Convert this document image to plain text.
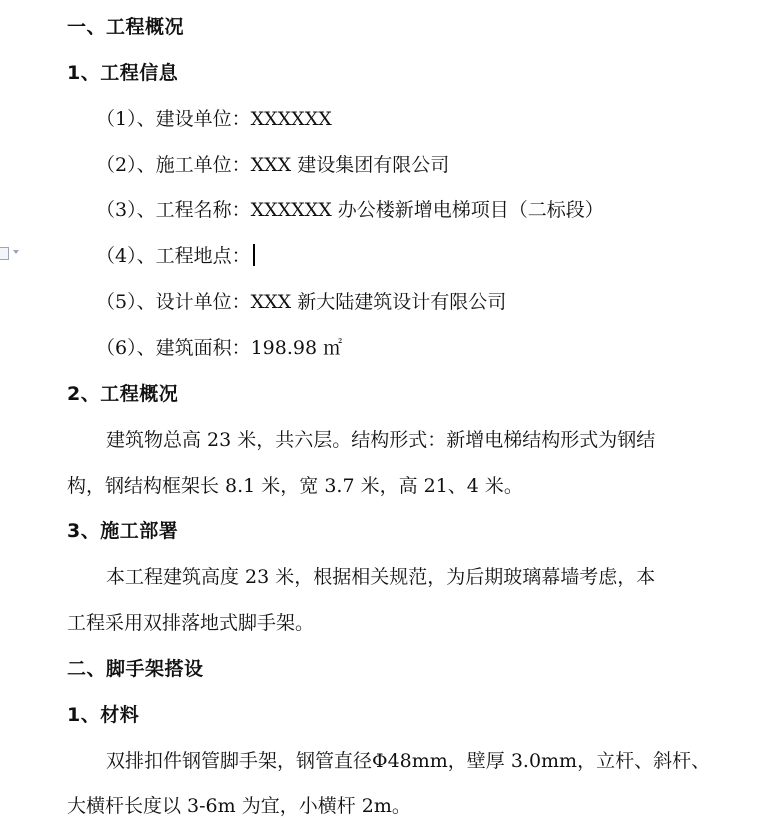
一、工程概况
1、工程信息
（1）、建设单位：XXXXXX
（2）、施工单位：XXX 建设集团有限公司
（3）、工程名称：XXXXXX 办公楼新增电梯项目（二标段）
（4）、工程地点：
（5）、设计单位：XXX 新大陆建筑设计有限公司
（6）、建筑面积：198.98 ㎡
2、工程概况
建筑物总高 23 米，共六层。结构形式：新增电梯结构形式为钢结
构，钢结构框架长 8.1 米，宽 3.7 米，高 21、4 米。
3、施工部署
本工程建筑高度 23 米，根据相关规范，为后期玻璃幕墙考虑，本
工程采用双排落地式脚手架。
二、脚手架搭设
1、材料
双排扣件钢管脚手架，钢管直径Φ48mm，壁厚 3.0mm，立杆、斜杆、
大横杆长度以 3-6m 为宜，小横杆 2m。
